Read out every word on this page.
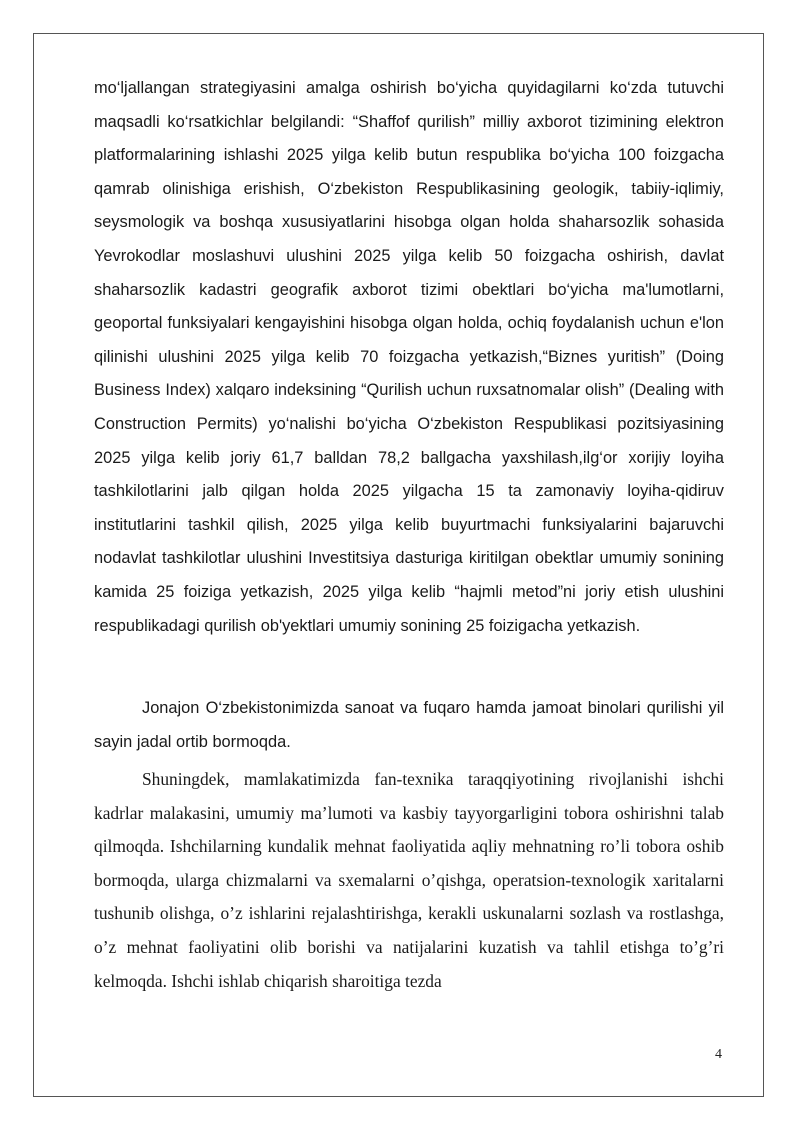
mo‘ljallangan strategiyasini amalga oshirish bo‘yicha quyidagilarni ko‘zda tutuvchi maqsadli ko‘rsatkichlar belgilandi: “Shaffof qurilish” milliy axborot tizimining elektron platformalarining ishlashi 2025 yilga kelib butun respublika bo‘yicha 100 foizgacha qamrab olinishiga erishish, O‘zbekiston Respublikasining geologik, tabiiy-iqlimiy, seysmologik va boshqa xususiyatlarini hisobga olgan holda shaharsozlik sohasida Yevrokodlar moslashuvi ulushini 2025 yilga kelib 50 foizgacha oshirish, davlat shaharsozlik kadastri geografik axborot tizimi obektlari bo‘yicha ma'lumotlarni, geoportal funksiyalari kengayishini hisobga olgan holda, ochiq foydalanish uchun e'lon qilinishi ulushini 2025 yilga kelib 70 foizgacha yetkazish,“Biznes yuritish” (Doing Business Index) xalqaro indeksining “Qurilish uchun ruxsatnomalar olish” (Dealing with Construction Permits) yo‘nalishi bo‘yicha O‘zbekiston Respublikasi pozitsiyasining 2025 yilga kelib joriy 61,7 balldan 78,2 ballgacha yaxshilash,ilg‘or xorijiy loyiha tashkilotlarini jalb qilgan holda 2025 yilgacha 15 ta zamonaviy loyiha-qidiruv institutlarini tashkil qilish, 2025 yilga kelib buyurtmachi funksiyalarini bajaruvchi nodavlat tashkilotlar ulushini Investitsiya dasturiga kiritilgan obektlar umumiy sonining kamida 25 foiziga yetkazish, 2025 yilga kelib “hajmli metod”ni joriy etish ulushini respublikadagi qurilish ob'yektlari umumiy sonining 25 foizigacha yetkazish.

Jonajon O‘zbekistonimizda sanoat va fuqaro hamda jamoat binolari qurilishi yil sayin jadal ortib bormoqda.

Shuningdek, mamlakatimizda fan-texnika taraqqiyotining rivojlanishi ishchi kadrlar malakasini, umumiy ma’lumoti va kasbiy tayyorgarligini tobora oshirishni talab qilmoqda. Ishchilarning kundalik mehnat faoliyatida aqliy mehnatning ro’li tobora oshib bormoqda, ularga chizmalarni va sxemalarni o’qishga, operatsion-texnologik xaritalarni tushunib olishga, o’z ishlarini rejalashtirishga, kerakli uskunalarni sozlash va rostlashga, o’z mehnat faoliyatini olib borishi va natijalarini kuzatish va tahlil etishga to’g’ri kelmoqda. Ishchi ishlab chiqarish sharoitiga tezda

4
